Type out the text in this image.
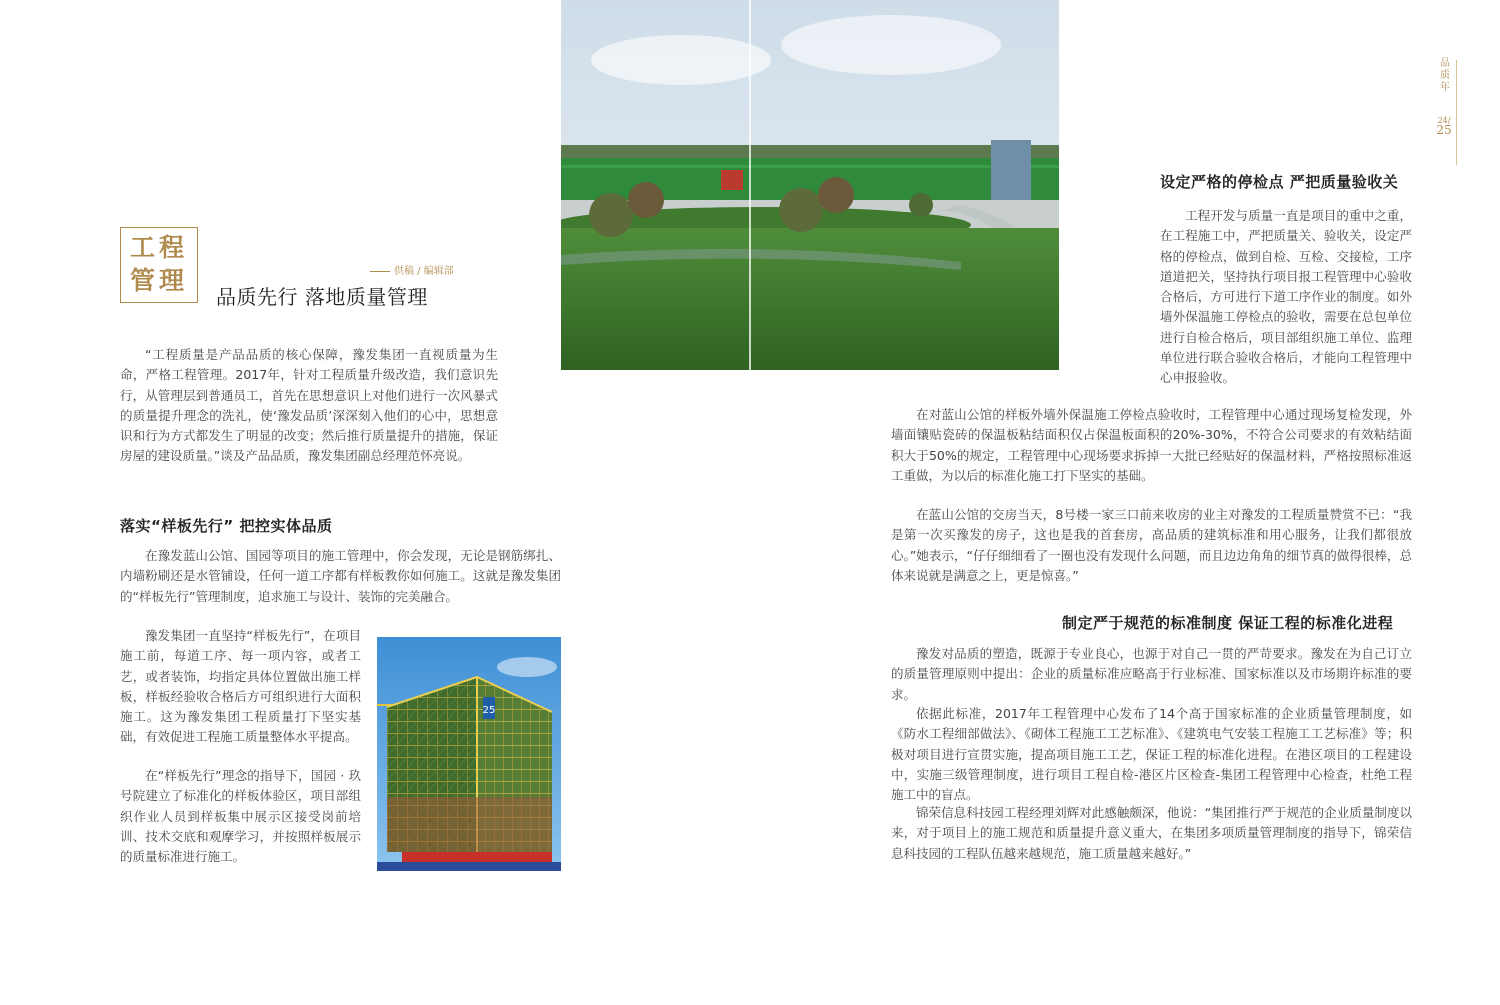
工程
管理	供稿 / 编辑部
品质先行 落地质量管理

“工程质量是产品品质的核心保障，豫发集团一直视质量为生命，严格工程管理。2017年，针对工程质量升级改造，我们意识先行，从管理层到普通员工，首先在思想意识上对他们进行一次风暴式的质量提升理念的洗礼，使‘豫发品质’深深刻入他们的心中，思想意识和行为方式都发生了明显的改变；然后推行质量提升的措施，保证房屋的建设质量。”谈及产品品质，豫发集团副总经理范怀亮说。

落实“样板先行” 把控实体品质

在豫发蓝山公馆、国园等项目的施工管理中，你会发现，无论是钢筋绑扎、内墙粉刷还是水管铺设，任何一道工序都有样板教你如何施工。这就是豫发集团的“样板先行”管理制度，追求施工与设计、装饰的完美融合。

豫发集团一直坚持“样板先行”，在项目施工前，每道工序、每一项内容，或者工艺，或者装饰，均指定具体位置做出施工样板，样板经验收合格后方可组织进行大面积施工。这为豫发集团工程质量打下坚实基础，有效促进工程施工质量整体水平提高。

在“样板先行”理念的指导下，国园 · 玖号院建立了标准化的样板体验区，项目部组织作业人员到样板集中展示区接受岗前培训、技术交底和观摩学习，并按照样板展示的质量标准进行施工。

25
品质年
24/
25
设定严格的停检点 严把质量验收关

工程开发与质量一直是项目的重中之重，在工程施工中，严把质量关、验收关，设定严格的停检点，做到自检、互检、交接检，工序道道把关，坚持执行项目报工程管理中心验收合格后，方可进行下道工序作业的制度。如外墙外保温施工停检点的验收，需要在总包单位进行自检合格后，项目部组织施工单位、监理单位进行联合验收合格后，才能向工程管理中心申报验收。

在对蓝山公馆的样板外墙外保温施工停检点验收时，工程管理中心通过现场复检发现，外墙面镶贴瓷砖的保温板粘结面积仅占保温板面积的20%-30%，不符合公司要求的有效粘结面积大于50%的规定，工程管理中心现场要求拆掉一大批已经贴好的保温材料，严格按照标准返工重做，为以后的标准化施工打下坚实的基础。

在蓝山公馆的交房当天，8号楼一家三口前来收房的业主对豫发的工程质量赞赏不已：“我是第一次买豫发的房子，这也是我的首套房，高品质的建筑标准和用心服务，让我们都很放心。”她表示，“仔仔细细看了一圈也没有发现什么问题，而且边边角角的细节真的做得很棒，总体来说就是满意之上，更是惊喜。”

制定严于规范的标准制度 保证工程的标准化进程

豫发对品质的塑造，既源于专业良心，也源于对自己一贯的严苛要求。豫发在为自己订立的质量管理原则中提出：企业的质量标准应略高于行业标准、国家标准以及市场期许标准的要求。

依据此标准，2017年工程管理中心发布了14个高于国家标准的企业质量管理制度，如《防水工程细部做法》、《砌体工程施工工艺标准》、《建筑电气安装工程施工工艺标准》等；积极对项目进行宣贯实施，提高项目施工工艺，保证工程的标准化进程。在港区项目的工程建设中，实施三级管理制度，进行项目工程自检-港区片区检查-集团工程管理中心检查，杜绝工程施工中的盲点。

锦荣信息科技园工程经理刘辉对此感触颇深，他说：“集团推行严于规范的企业质量制度以来，对于项目上的施工规范和质量提升意义重大，在集团多项质量管理制度的指导下，锦荣信息科技园的工程队伍越来越规范，施工质量越来越好。”
